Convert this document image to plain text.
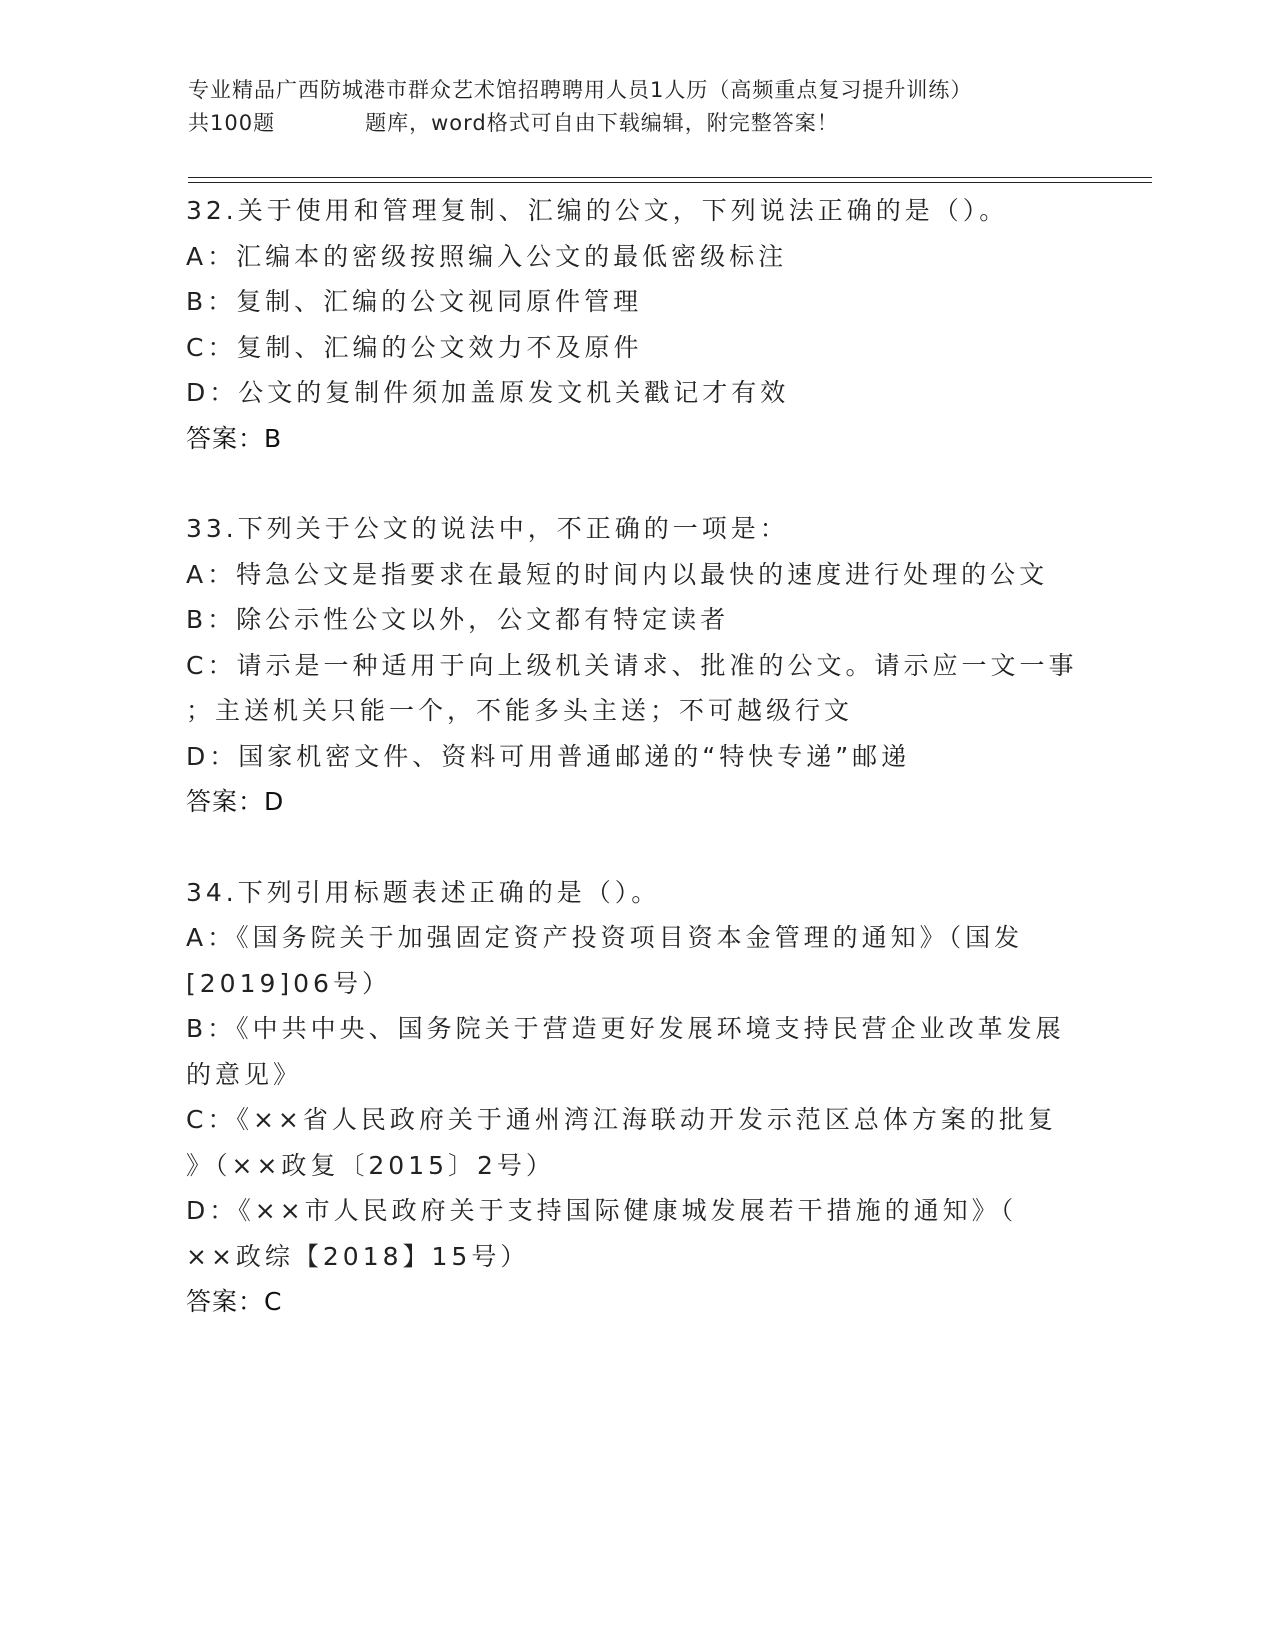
专业精品广西防城港市群众艺术馆招聘聘用人员1人历（高频重点复习提升训练）
共100题	题库，word格式可自由下载编辑，附完整答案！
32.关于使用和管理复制、汇编的公文，下列说法正确的是（）。
A：汇编本的密级按照编入公文的最低密级标注
B：复制、汇编的公文视同原件管理
C：复制、汇编的公文效力不及原件
D：公文的复制件须加盖原发文机关戳记才有效
答案：B
33.下列关于公文的说法中，不正确的一项是：
A：特急公文是指要求在最短的时间内以最快的速度进行处理的公文
B：除公示性公文以外，公文都有特定读者
C：请示是一种适用于向上级机关请求、批准的公文。请示应一文一事
；主送机关只能一个，不能多头主送；不可越级行文
D：国家机密文件、资料可用普通邮递的“特快专递”邮递
答案：D
34.下列引用标题表述正确的是（）。
A：《国务院关于加强固定资产投资项目资本金管理的通知》（国发
[2019]06号）
B：《中共中央、国务院关于营造更好发展环境支持民营企业改革发展
的意见》
C：《××省人民政府关于通州湾江海联动开发示范区总体方案的批复
》（××政复〔2015〕2号）
D：《××市人民政府关于支持国际健康城发展若干措施的通知》（
××政综【2018】15号）
答案：C
